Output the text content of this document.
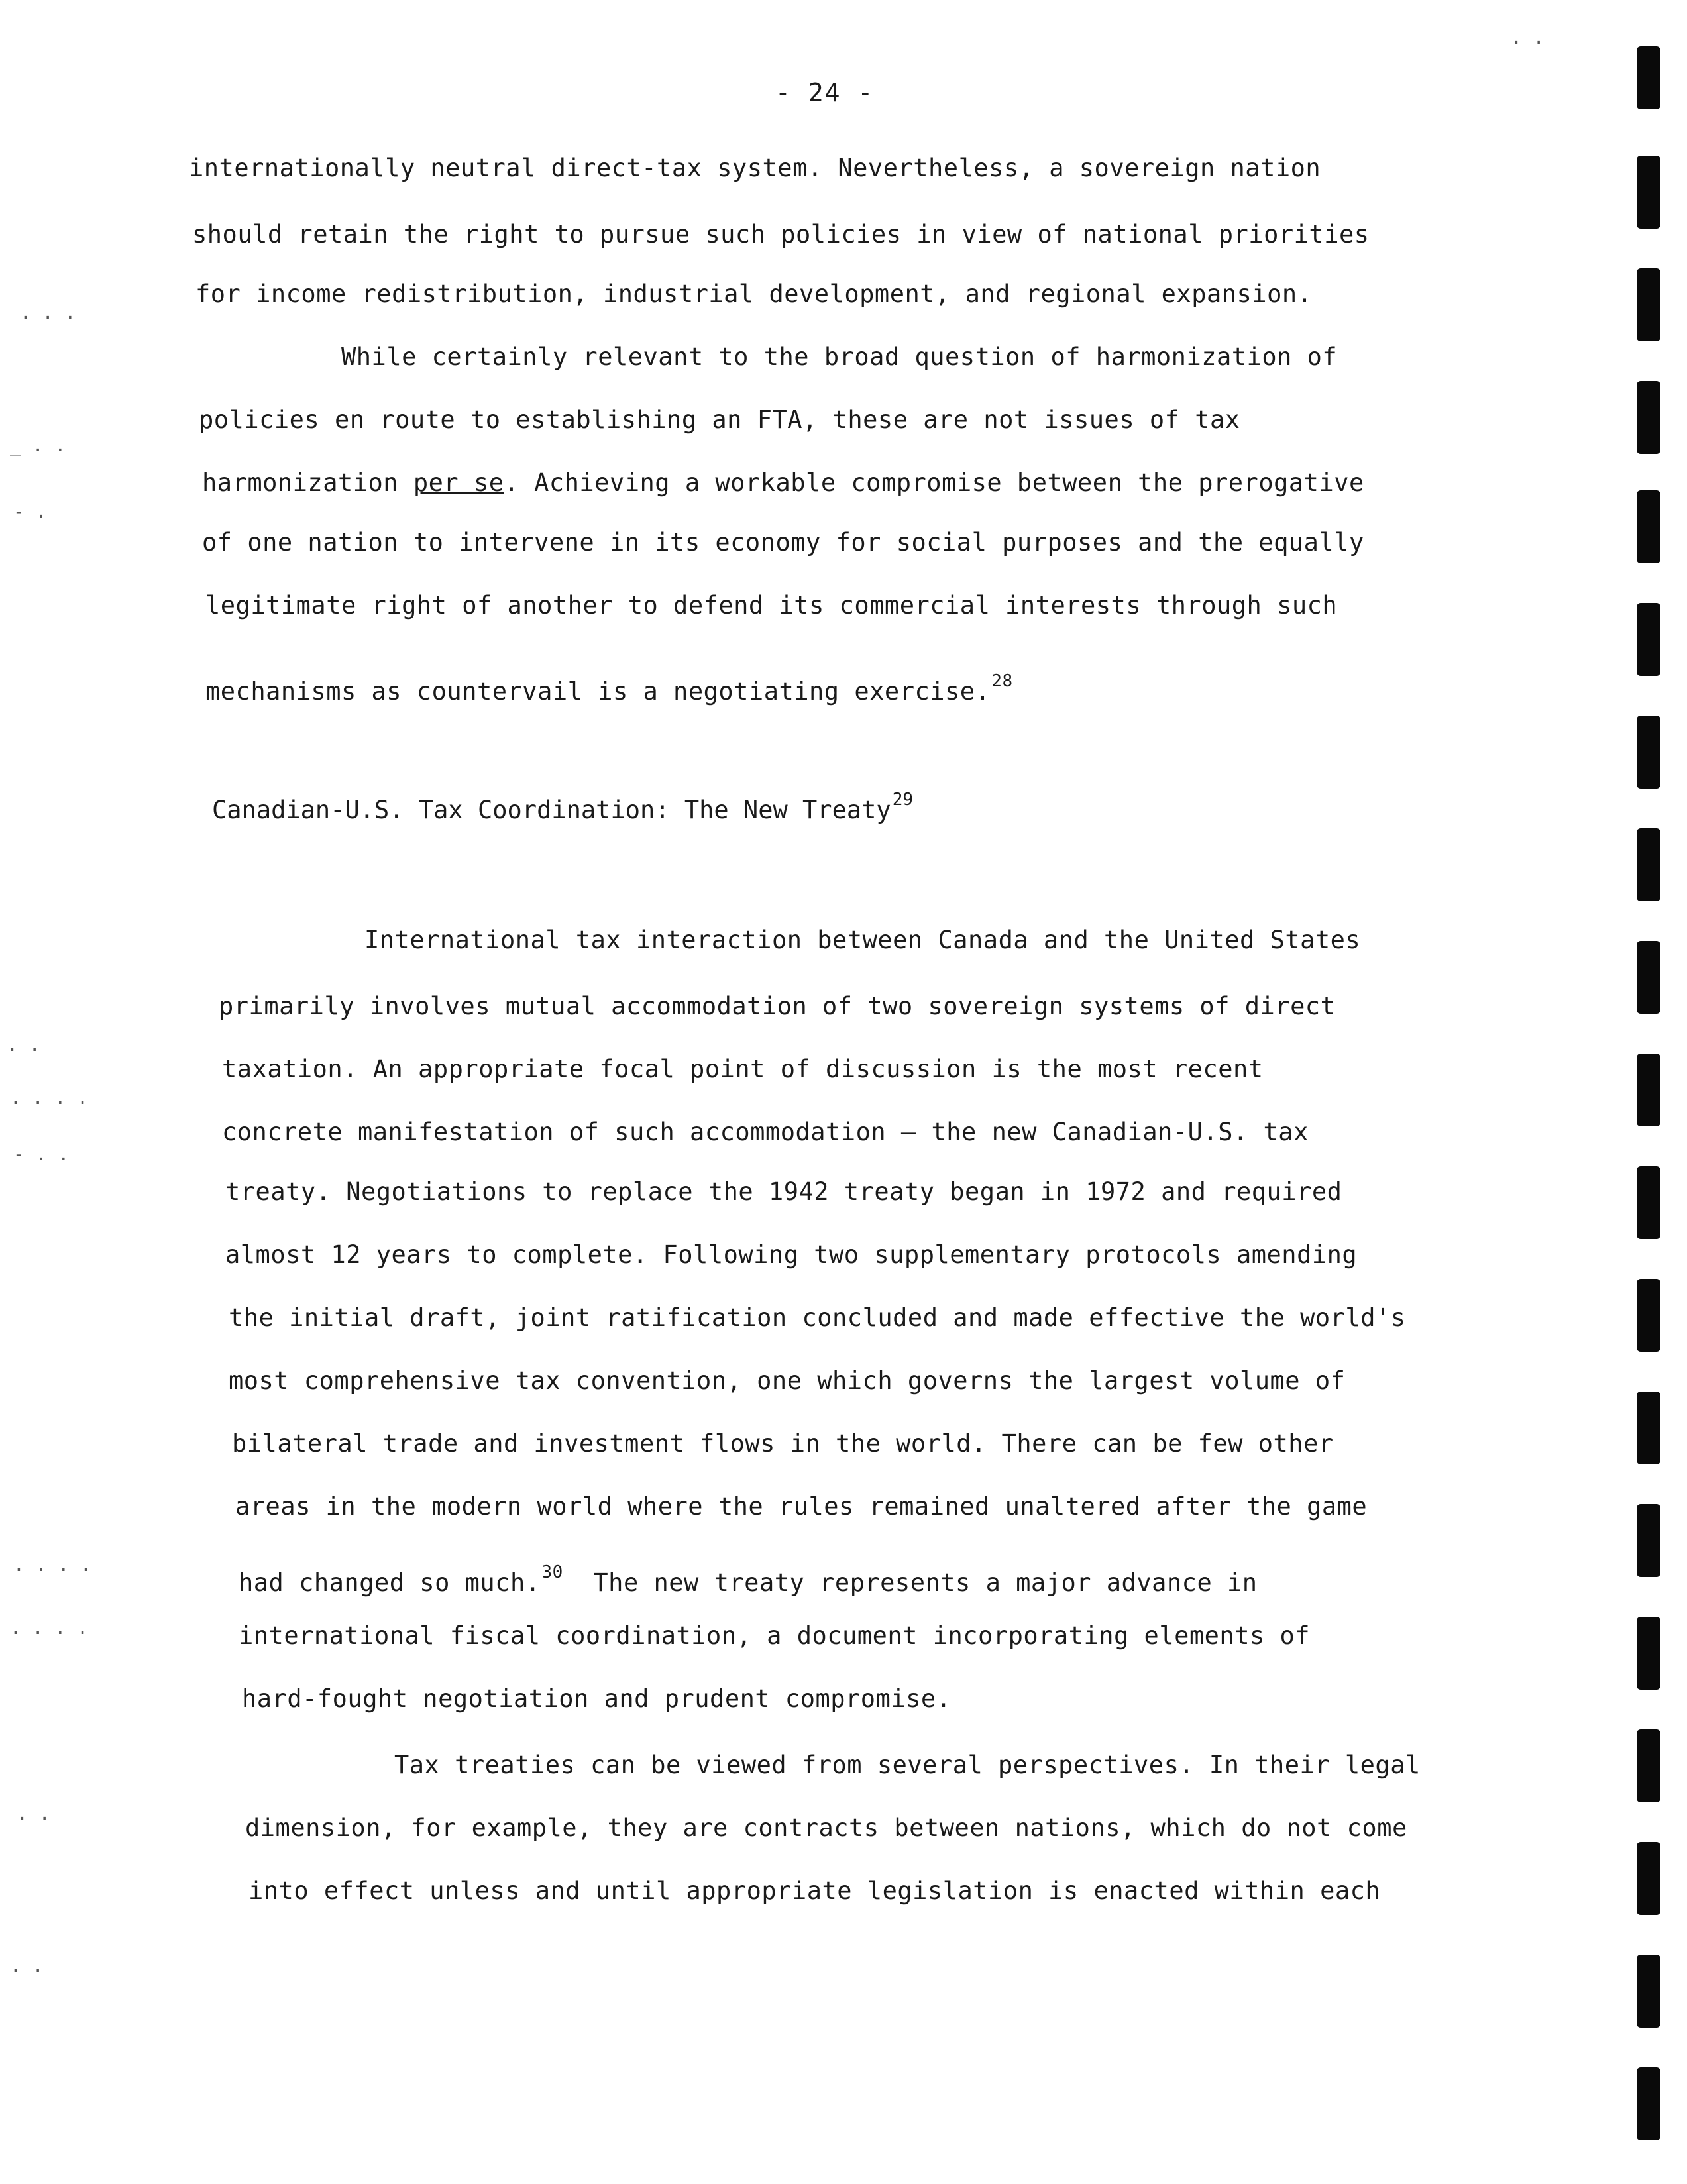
- 24 -
internationally neutral direct-tax system. Nevertheless, a sovereign nation
should retain the right to pursue such policies in view of national priorities
for income redistribution, industrial development, and regional expansion.
While certainly relevant to the broad question of harmonization of
policies en route to establishing an FTA, these are not issues of tax
harmonization per se. Achieving a workable compromise between the prerogative
of one nation to intervene in its economy for social purposes and the equally
legitimate right of another to defend its commercial interests through such
mechanisms as countervail is a negotiating exercise.$^{28}$
Canadian-U.S. Tax Coordination: The New Treaty$^{29}$
International tax interaction between Canada and the United States
primarily involves mutual accommodation of two sovereign systems of direct
taxation. An appropriate focal point of discussion is the most recent
concrete manifestation of such accommodation — the new Canadian-U.S. tax
treaty. Negotiations to replace the 1942 treaty began in 1972 and required
almost 12 years to complete. Following two supplementary protocols amending
the initial draft, joint ratification concluded and made effective the world's
most comprehensive tax convention, one which governs the largest volume of
bilateral trade and investment flows in the world. There can be few other
areas in the modern world where the rules remained unaltered after the game
had changed so much.$^{30}$ The new treaty represents a major advance in
international fiscal coordination, a document incorporating elements of
hard-fought negotiation and prudent compromise.
Tax treaties can be viewed from several perspectives. In their legal
dimension, for example, they are contracts between nations, which do not come
into effect unless and until appropriate legislation is enacted within each
. . .
_ . .
- .
. .
. . . .
- . .
. . . .
. . . .
. .
. .
. .
